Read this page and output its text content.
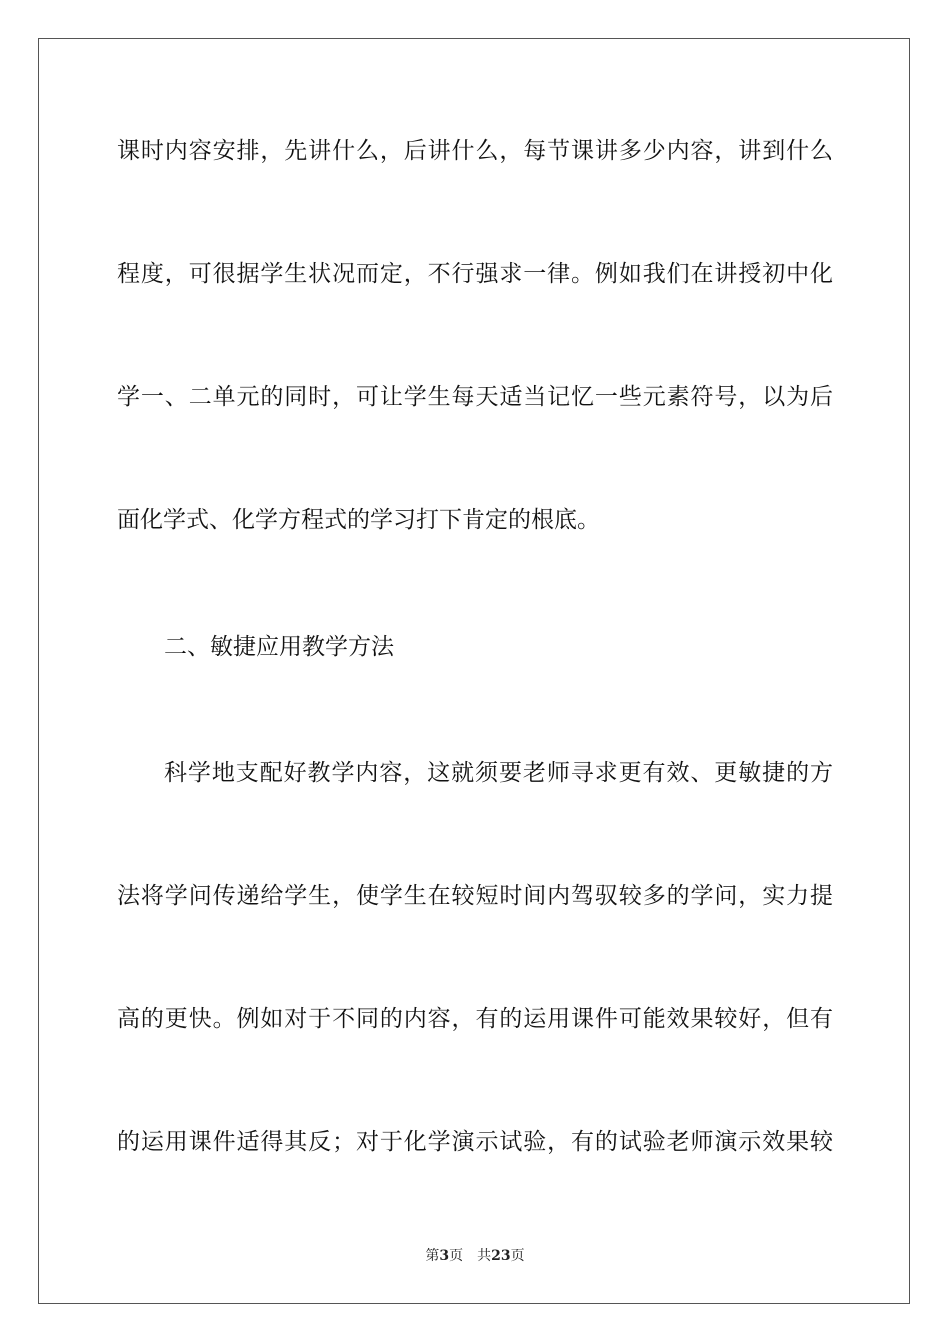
课时内容安排，先讲什么，后讲什么，每节课讲多少内容，讲到什么
程度，可很据学生状况而定，不行强求一律。例如我们在讲授初中化
学一、二单元的同时，可让学生每天适当记忆一些元素符号，以为后
面化学式、化学方程式的学习打下肯定的根底。
二、敏捷应用教学方法
科学地支配好教学内容，这就须要老师寻求更有效、更敏捷的方
法将学问传递给学生，使学生在较短时间内驾驭较多的学问，实力提
高的更快。例如对于不同的内容，有的运用课件可能效果较好，但有
的运用课件适得其反；对于化学演示试验，有的试验老师演示效果较
第3页 共23页
